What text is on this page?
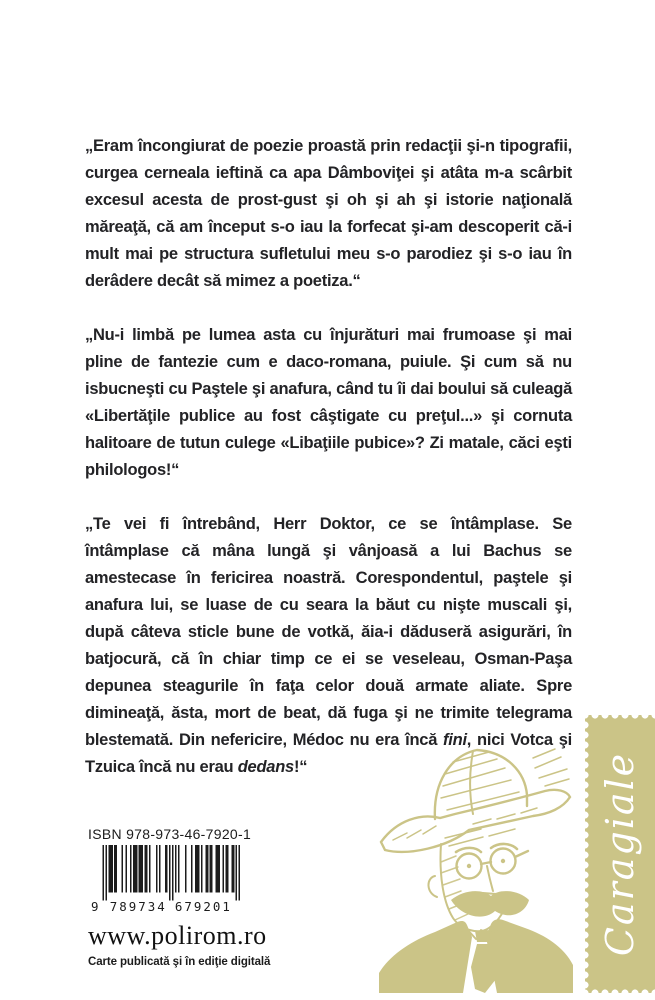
„Eram încongiurat de poezie proastă prin redacţii şi-n tipografii, curgea cerneala ieftină ca apa Dâmboviţei şi atâta m-a scârbit excesul acesta de prost-gust şi oh şi ah şi istorie naţională măreaţă, că am început s-o iau la forfecat şi-am descoperit că-i mult mai pe structura sufletului meu s-o parodiez şi s-o iau în derâdere decât să mimez a poetiza.“

„Nu-i limbă pe lumea asta cu înjurături mai frumoase şi mai pline de fantezie cum e daco-romana, puiule. Şi cum să nu isbucneşti cu Paştele şi anafura, când tu îi dai boului să culeagă «Libertăţile publice au fost câştigate cu preţul...» şi cornuta halitoare de tutun culege «Libaţiile pubice»? Zi matale, căci eşti philologos!“

„Te vei fi întrebând, Herr Doktor, ce se întâmplase. Se întâmplase că mâna lungă şi vânjoasă a lui Bachus se amestecase în fericirea noastră. Corespondentul, paştele şi anafura lui, se luase de cu seara la băut cu nişte muscali şi, după câteva sticle bune de votkă, ăia-i dăduseră asigurări, în batjocură, că în chiar timp ce ei se veseleau, Osman-Paşa depunea steagurile în faţa celor două armate aliate. Spre dimineaţă, ăsta, mort de beat, dă fuga şi ne trimite telegrama blestemată. Din nefericire, Médoc nu era încă fini, nici Votca şi Tzuica încă nu erau dedans!“

ISBN 978-973-46-7920-1
9 789734 679201
www.polirom.ro
Carte publicată şi în ediţie digitală
Caragiale
